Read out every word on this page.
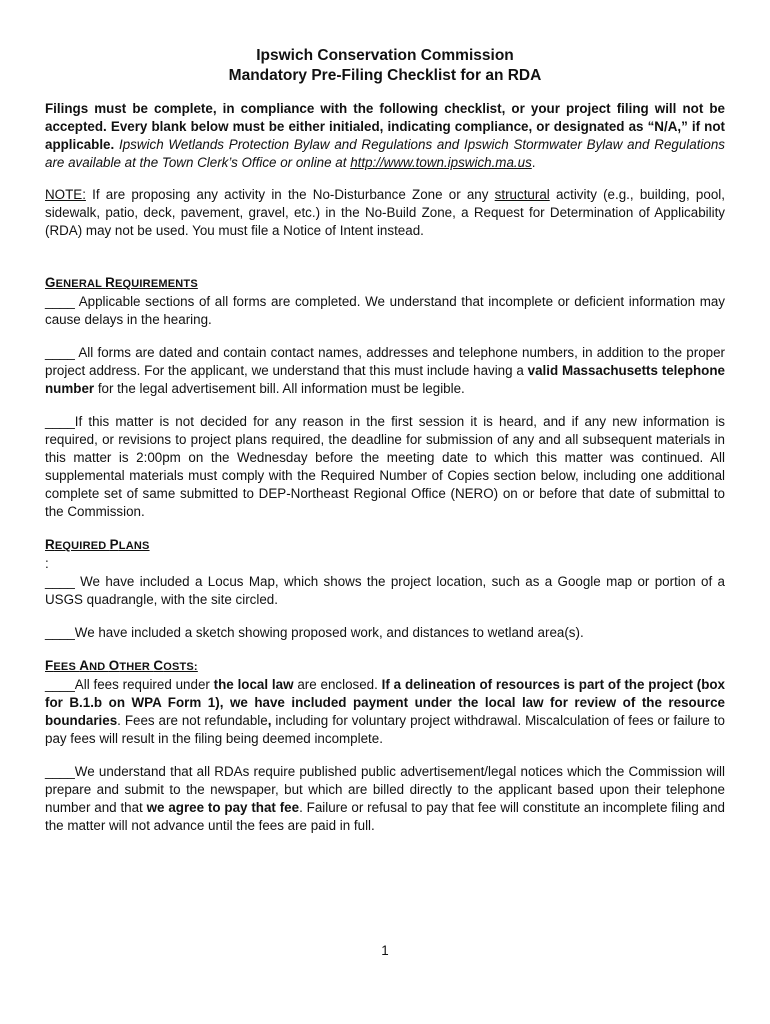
Ipswich Conservation Commission
Mandatory Pre-Filing Checklist for an RDA

Filings must be complete, in compliance with the following checklist, or your project filing will not be accepted. Every blank below must be either initialed, indicating compliance, or designated as “N/A,” if not applicable. Ipswich Wetlands Protection Bylaw and Regulations and Ipswich Stormwater Bylaw and Regulations are available at the Town Clerk’s Office or online at http://www.town.ipswich.ma.us.

NOTE: If are proposing any activity in the No-Disturbance Zone or any structural activity (e.g., building, pool, sidewalk, patio, deck, pavement, gravel, etc.) in the No-Build Zone, a Request for Determination of Applicability (RDA) may not be used. You must file a Notice of Intent instead.

GENERAL REQUIREMENTS

____ Applicable sections of all forms are completed. We understand that incomplete or deficient information may cause delays in the hearing.

____ All forms are dated and contain contact names, addresses and telephone numbers, in addition to the proper project address. For the applicant, we understand that this must include having a valid Massachusetts telephone number for the legal advertisement bill. All information must be legible.

____If this matter is not decided for any reason in the first session it is heard, and if any new information is required, or revisions to project plans required, the deadline for submission of any and all subsequent materials in this matter is 2:00pm on the Wednesday before the meeting date to which this matter was continued. All supplemental materials must comply with the Required Number of Copies section below, including one additional complete set of same submitted to DEP-Northeast Regional Office (NERO) on or before that date of submittal to the Commission.

REQUIRED PLANS
:

____ We have included a Locus Map, which shows the project location, such as a Google map or portion of a USGS quadrangle, with the site circled.

____We have included a sketch showing proposed work, and distances to wetland area(s).

FEES AND OTHER COSTS:

____All fees required under the local law are enclosed. If a delineation of resources is part of the project (box for B.1.b on WPA Form 1), we have included payment under the local law for review of the resource boundaries. Fees are not refundable, including for voluntary project withdrawal. Miscalculation of fees or failure to pay fees will result in the filing being deemed incomplete.

____We understand that all RDAs require published public advertisement/legal notices which the Commission will prepare and submit to the newspaper, but which are billed directly to the applicant based upon their telephone number and that we agree to pay that fee. Failure or refusal to pay that fee will constitute an incomplete filing and the matter will not advance until the fees are paid in full.

1
